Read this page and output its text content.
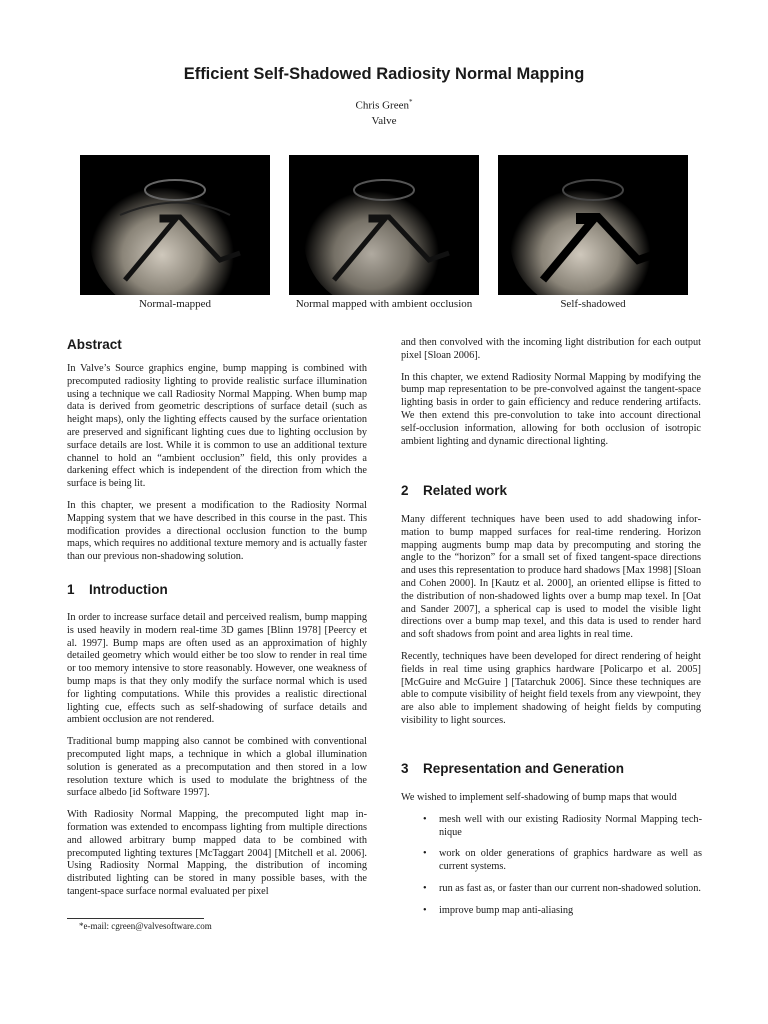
Efficient Self-Shadowed Radiosity Normal Mapping
Chris Green*
Valve
Normal-mapped	Normal mapped with ambient occlusion	Self-shadowed
Abstract

In Valve’s Source graphics engine, bump mapping is combined with precomputed radiosity lighting to provide realistic surface illumination using a technique we call Radiosity Normal Mapping. When bump map data is derived from geometric descriptions of surface detail (such as height maps), only the lighting effects caused by the surface orientation are preserved and significant lighting cues due to lighting occlusion by surface details are lost. While it is common to use an additional texture channel to hold an “ambient occlusion” field, this only provides a darkening effect which is independent of the direction from which the surface is being lit.

In this chapter, we present a modification to the Radiosity Normal Mapping system that we have described in this course in the past. This modification provides a directional occlusion function to the bump maps, which requires no additional texture memory and is actually faster than our previous non-shadowing solution.

1 Introduction

In order to increase surface detail and perceived realism, bump mapping is used heavily in modern real-time 3D games [Blinn 1978] [Peercy et al. 1997]. Bump maps are often used as an approximation of highly detailed geometry which would either be too slow to render in real time or too memory intensive to store reasonably. However, one weakness of bump maps is that they only modify the surface normal which is used for lighting computations. While this provides a realistic directional lighting cue, effects such as self-shadowing of surface details and ambient occlusion are not rendered.

Traditional bump mapping also cannot be combined with conventional precomputed light maps, a technique in which a global illumination solution is generated as a precomputation and then stored in a low resolution texture which is used to modulate the brightness of the surface albedo [id Software 1997].

With Radiosity Normal Mapping, the precomputed light map information was extended to encompass lighting from multiple directions and allowed arbitrary bump mapped data to be combined with precomputed lighting textures [McTaggart 2004] [Mitchell et al. 2006]. Using Radiosity Normal Mapping, the distribution of incoming distributed lighting can be stored in many possible bases, with the tangent-space surface normal evaluated per pixel

*e-mail: cgreen@valvesoftware.com

and then convolved with the incoming light distribution for each output pixel [Sloan 2006].

In this chapter, we extend Radiosity Normal Mapping by modifying the bump map representation to be pre-convolved against the tangent-space lighting basis in order to gain efficiency and reduce rendering artifacts. We then extend this pre-convolution to take into account directional self-occlusion information, allowing for both occlusion of isotropic ambient lighting and dynamic directional lighting.

2 Related work

Many different techniques have been used to add shadowing information to bump mapped surfaces for real-time rendering. Horizon mapping augments bump map data by precomputing and storing the angle to the “horizon” for a small set of fixed tangent-space directions and uses this representation to produce hard shadows [Max 1998] [Sloan and Cohen 2000]. In [Kautz et al. 2000], an oriented ellipse is fitted to the distribution of non-shadowed lights over a bump map texel. In [Oat and Sander 2007], a spherical cap is used to model the visible light directions over a bump map texel, and this data is used to render hard and soft shadows from point and area lights in real time.

Recently, techniques have been developed for direct rendering of height fields in real time using graphics hardware [Policarpo et al. 2005] [McGuire and McGuire ] [Tatarchuk 2006]. Since these techniques are able to compute visibility of height field texels from any viewpoint, they are also able to implement shadowing of height fields by computing visibility to light sources.

3 Representation and Generation

We wished to implement self-shadowing of bump maps that would

• mesh well with our existing Radiosity Normal Mapping technique
• work on older generations of graphics hardware as well as current systems.
• run as fast as, or faster than our current non-shadowed solution.
• improve bump map anti-aliasing
